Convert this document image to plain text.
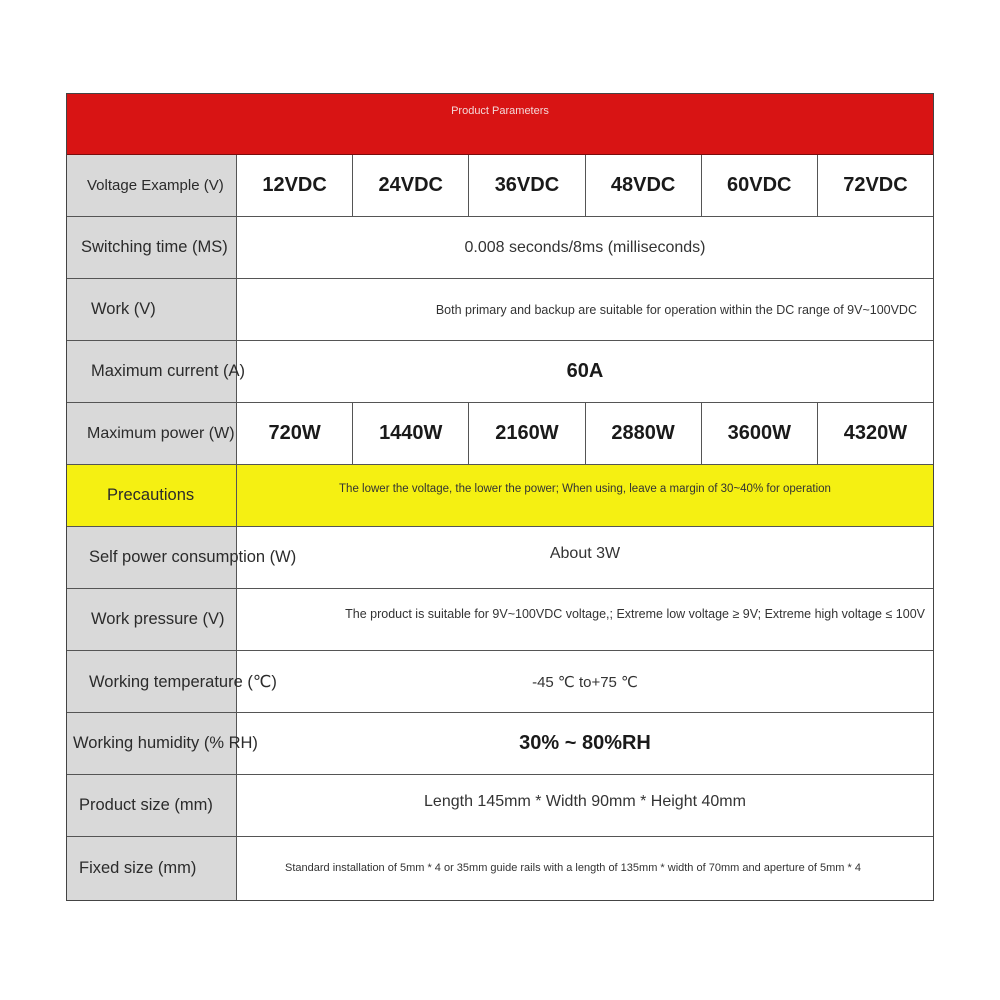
Product Parameters
Voltage Example (V)	12VDC	24VDC	36VDC	48VDC	60VDC	72VDC
Switching time (MS)	0.008 seconds/8ms (milliseconds)
Work (V)	Both primary and backup are suitable for operation within the DC range of 9V~100VDC
Maximum current (A)	60A
Maximum power (W)	720W	1440W	2160W	2880W	3600W	4320W
Precautions	The lower the voltage, the lower the power; When using, leave a margin of 30~40% for operation
Self power consumption (W)	About 3W
Work pressure (V)	The product is suitable for 9V~100VDC voltage,; Extreme low voltage ≥ 9V; Extreme high voltage ≤ 100V
Working temperature (℃)	-45 ℃ to+75 ℃
Working humidity (% RH)	30% ~ 80%RH
Product size (mm)	Length 145mm * Width 90mm * Height 40mm
Fixed size (mm)	Standard installation of 5mm * 4 or 35mm guide rails with a length of 135mm * width of 70mm and aperture of 5mm * 4
